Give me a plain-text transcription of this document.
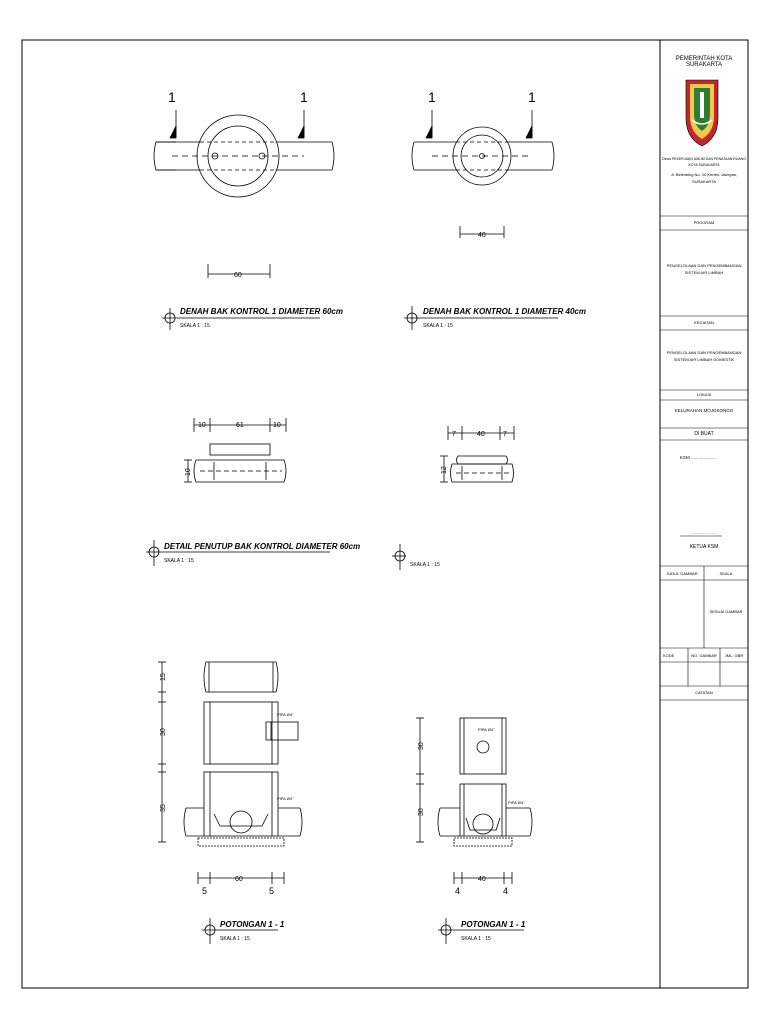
1	1
60
DENAH BAK KONTROL 1 DIAMETER 60cm
SKALA 1 : 15
1	1
40
DENAH BAK KONTROL 1 DIAMETER 40cm
SKALA 1 : 15
10	61	10
10
DETAIL PENUTUP BAK KONTROL DIAMETER 60cm
SKALA 1 : 15
7	40	7
12
SKALA 1 : 15
15
30
35
PIPA Ø4"
PIPA Ø4"
5
60
5
POTONGAN 1 - 1
SKALA 1 : 15
30
30
PIPA Ø4"
PIPA Ø4"
4
40
4
POTONGAN 1 - 1
SKALA 1 : 15
PEMERINTAH KOTA SURAKARTA
Dinas PEKERJAAN UMUM DAN PENATAAN RUANG
KOTA SURAKARTA
Jl. Belimbing No. 10 Kerten, laweyan,
SURAKARTA
PROGRAM
PENGELOLAAN DAN PENGEMBANGAN
SISTEM AIR LIMBAH
KEGIATAN
PENGELOLAAN DAN PENGEMBANGAN
SISTEM AIR LIMBAH DOMESTIK
LOKASI
KELURAHAN MOJOSONGO
DI BUAT
KSM ....................
......................
KETUA KSM
JUDUL GAMBAR	SKALA
SESUAI GAMBAR
KODE	NO. GAMBAR	JML. GBR
CATATAN
